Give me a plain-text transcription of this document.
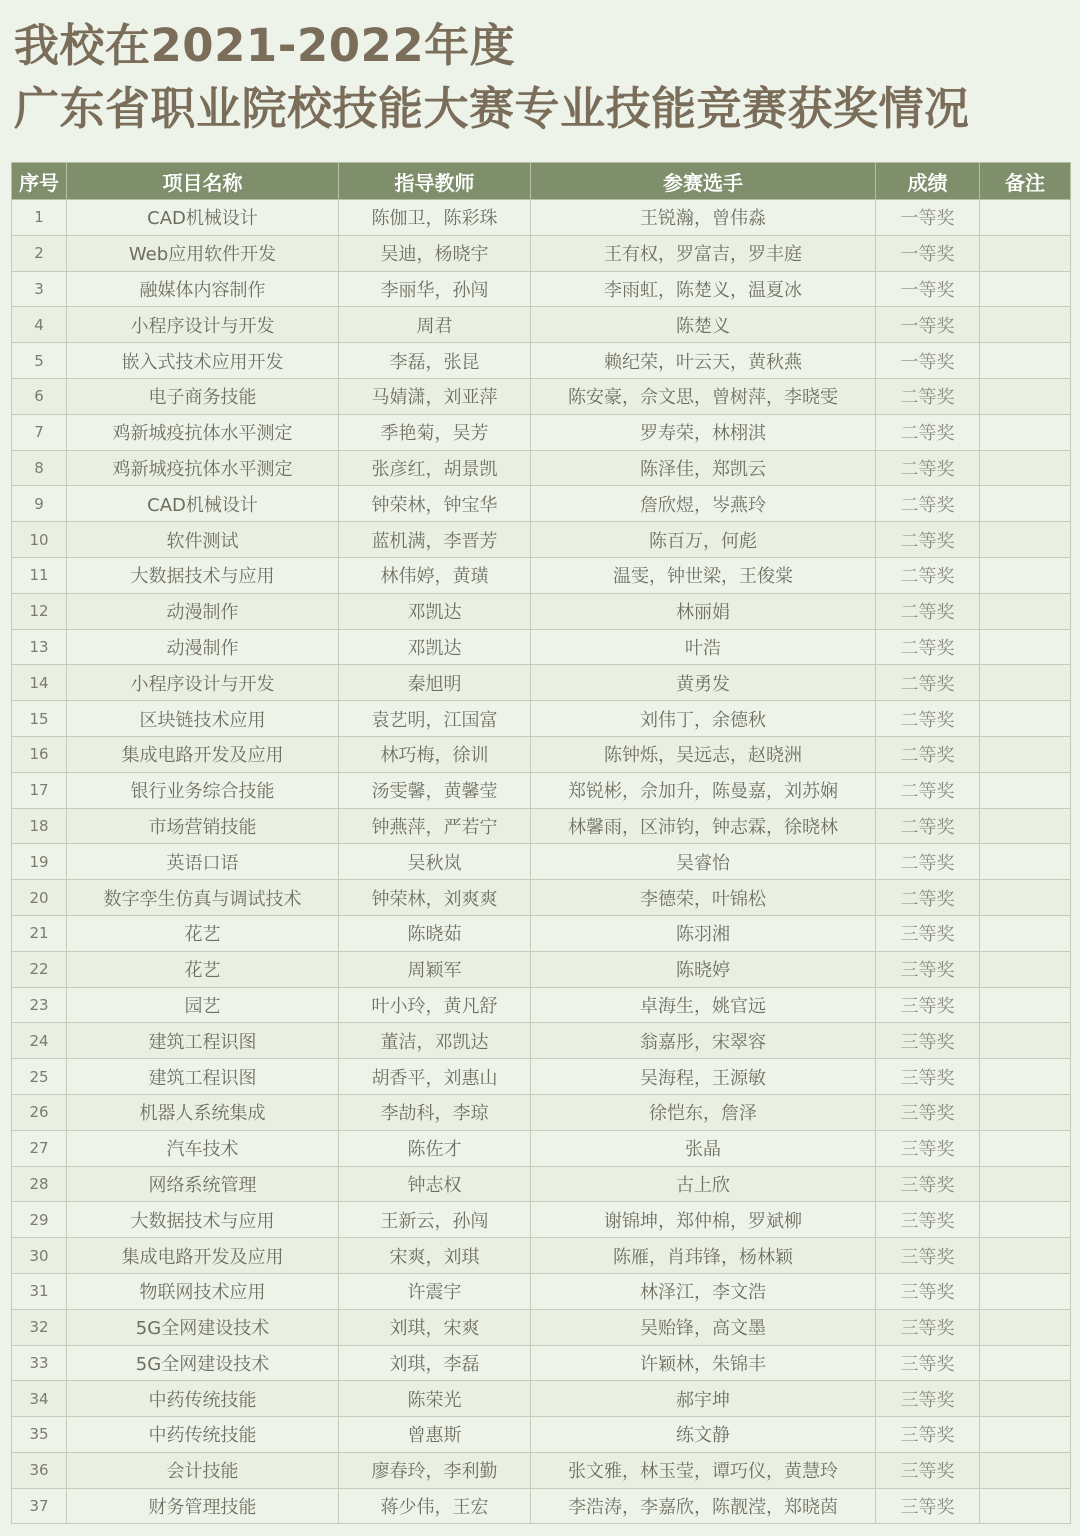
我校在2021-2022年度
广东省职业院校技能大赛专业技能竞赛获奖情况
序号	项目名称	指导教师	参赛选手	成绩	备注
1	CAD机械设计	陈伽卫，陈彩珠	王锐瀚，曾伟淼	一等奖	
2	Web应用软件开发	吴迪，杨晓宇	王有权，罗富吉，罗丰庭	一等奖	
3	融媒体内容制作	李丽华，孙闯	李雨虹，陈楚义，温夏冰	一等奖	
4	小程序设计与开发	周君	陈楚义	一等奖	
5	嵌入式技术应用开发	李磊，张昆	赖纪荣，叶云天，黄秋燕	一等奖	
6	电子商务技能	马婧潇，刘亚萍	陈安豪，佘文思，曾树萍，李晓雯	二等奖	
7	鸡新城疫抗体水平测定	季艳菊，吴芳	罗寿荣，林栩淇	二等奖	
8	鸡新城疫抗体水平测定	张彦红，胡景凯	陈泽佳，郑凯云	二等奖	
9	CAD机械设计	钟荣林，钟宝华	詹欣煜，岑燕玲	二等奖	
10	软件测试	蓝机满，李晋芳	陈百万，何彪	二等奖	
11	大数据技术与应用	林伟婷，黄璜	温雯，钟世梁，王俊棠	二等奖	
12	动漫制作	邓凯达	林丽娟	二等奖	
13	动漫制作	邓凯达	叶浩	二等奖	
14	小程序设计与开发	秦旭明	黄勇发	二等奖	
15	区块链技术应用	袁艺明，江国富	刘伟丁，余德秋	二等奖	
16	集成电路开发及应用	林巧梅，徐训	陈钟烁，吴远志，赵晓洲	二等奖	
17	银行业务综合技能	汤雯馨，黄馨莹	郑锐彬，佘加升，陈曼嘉，刘苏娴	二等奖	
18	市场营销技能	钟燕萍，严若宁	林馨雨，区沛钧，钟志霖，徐晓林	二等奖	
19	英语口语	吴秋岚	吴睿怡	二等奖	
20	数字孪生仿真与调试技术	钟荣林，刘爽爽	李德荣，叶锦松	二等奖	
21	花艺	陈晓茹	陈羽湘	三等奖	
22	花艺	周颖军	陈晓婷	三等奖	
23	园艺	叶小玲，黄凡舒	卓海生，姚官远	三等奖	
24	建筑工程识图	董洁，邓凯达	翁嘉彤，宋翠容	三等奖	
25	建筑工程识图	胡香平，刘惠山	吴海程，王源敏	三等奖	
26	机器人系统集成	李劼科，李琼	徐恺东，詹泽	三等奖	
27	汽车技术	陈佐才	张晶	三等奖	
28	网络系统管理	钟志权	古上欣	三等奖	
29	大数据技术与应用	王新云，孙闯	谢锦坤，郑仲棉，罗斌柳	三等奖	
30	集成电路开发及应用	宋爽，刘琪	陈雁，肖玮锋，杨林颖	三等奖	
31	物联网技术应用	许震宇	林泽江，李文浩	三等奖	
32	5G全网建设技术	刘琪，宋爽	吴贻锋，高文墨	三等奖	
33	5G全网建设技术	刘琪，李磊	许颖林，朱锦丰	三等奖	
34	中药传统技能	陈荣光	郝宇坤	三等奖	
35	中药传统技能	曾惠斯	练文静	三等奖	
36	会计技能	廖春玲，李利勤	张文雅，林玉莹，谭巧仪，黄慧玲	三等奖	
37	财务管理技能	蒋少伟，王宏	李浩涛，李嘉欣，陈靓滢，郑晓茵	三等奖	
